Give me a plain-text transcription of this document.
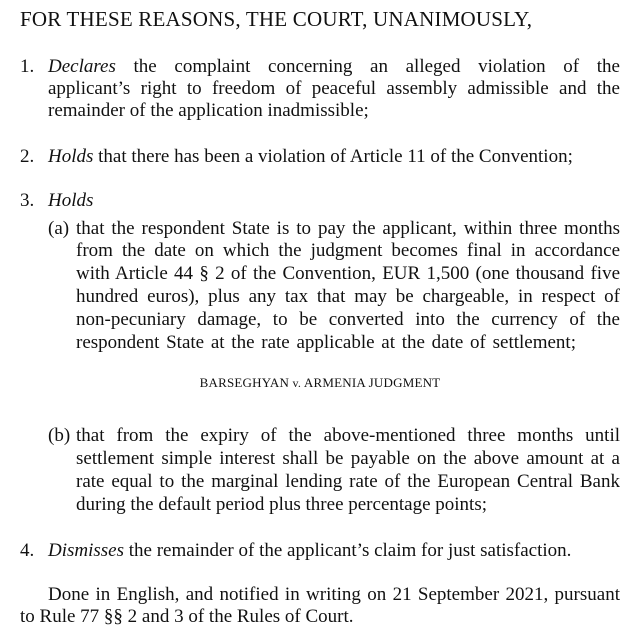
FOR THESE REASONS, THE COURT, UNANIMOUSLY,
1. Declares the complaint concerning an alleged violation of the
applicant’s right to freedom of peaceful assembly admissible and the
remainder of the application inadmissible;
2. Holds that there has been a violation of Article 11 of the Convention;
3. Holds
(a) that the respondent State is to pay the applicant, within three months
from the date on which the judgment becomes final in accordance
with Article 44 § 2 of the Convention, EUR 1,500 (one thousand five
hundred euros), plus any tax that may be chargeable, in respect of
non-pecuniary damage, to be converted into the currency of the
respondent State at the rate applicable at the date of settlement;
BARSEGHYAN v. ARMENIA JUDGMENT
(b) that from the expiry of the above-mentioned three months until
settlement simple interest shall be payable on the above amount at a
rate equal to the marginal lending rate of the European Central Bank
during the default period plus three percentage points;
4. Dismisses the remainder of the applicant’s claim for just satisfaction.
Done in English, and notified in writing on 21 September 2021, pursuant
to Rule 77 §§ 2 and 3 of the Rules of Court.
